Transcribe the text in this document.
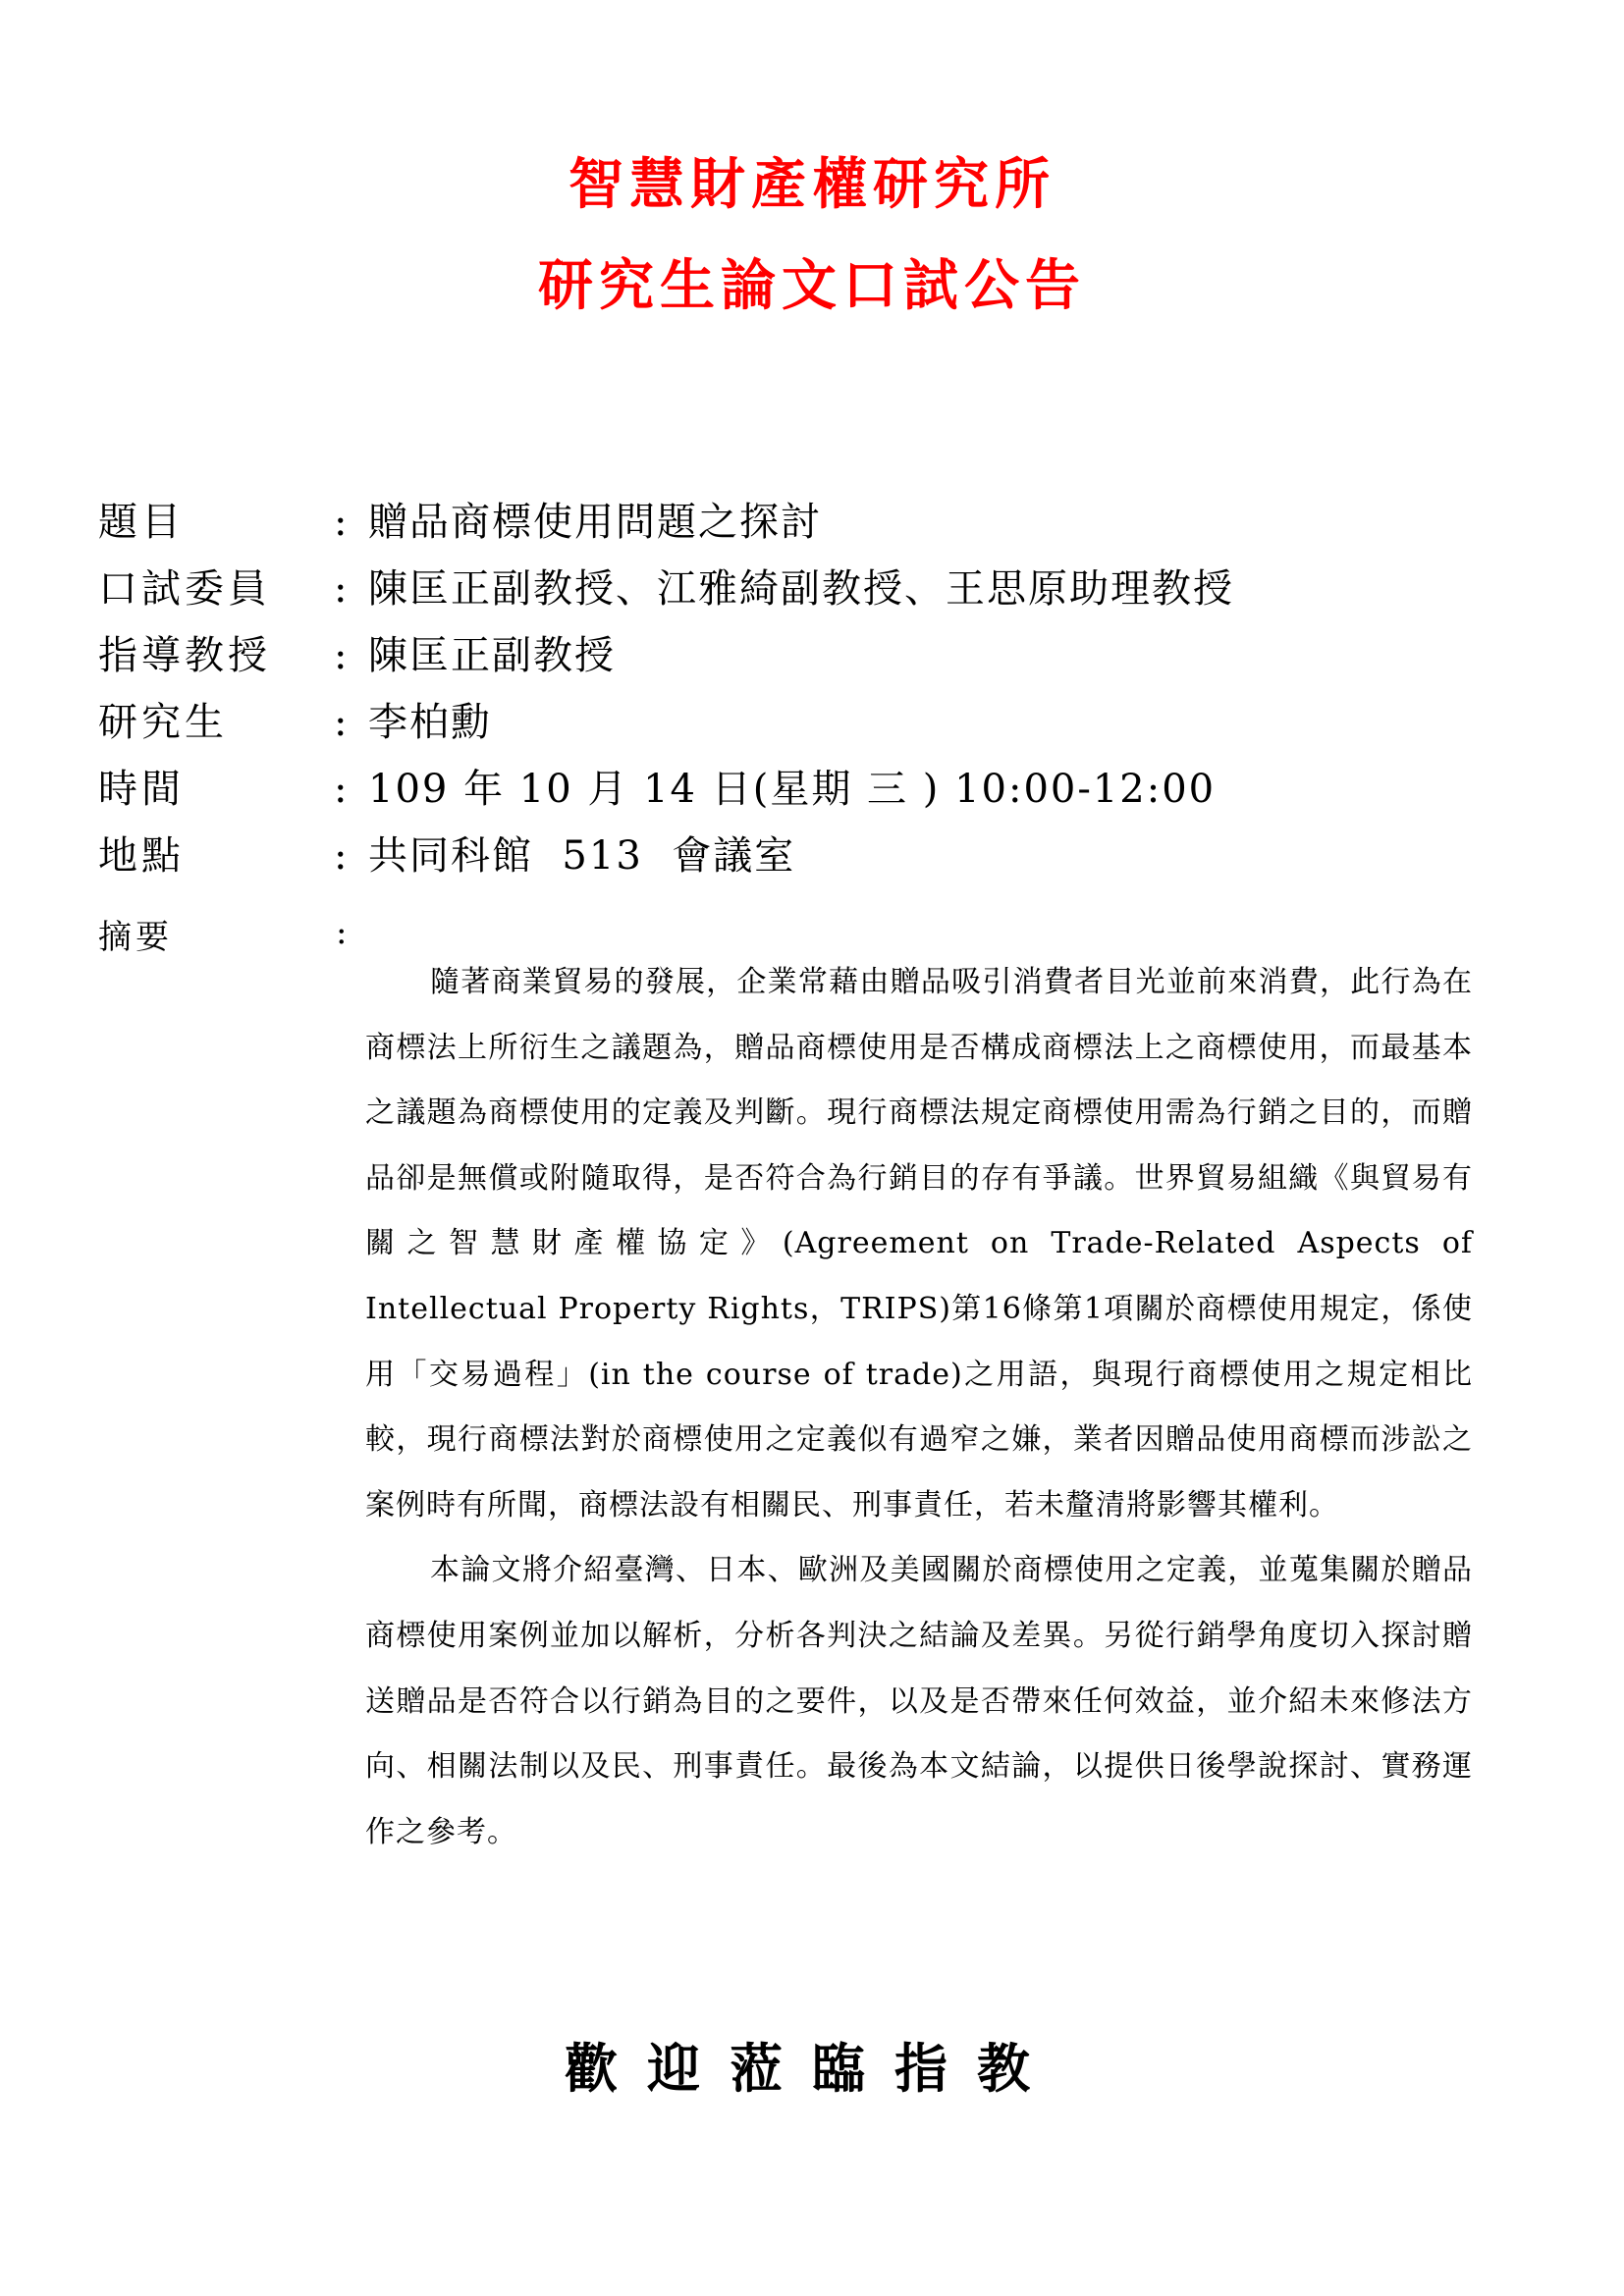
智慧財產權研究所
研究生論文口試公告
題目	: 贈品商標使用問題之探討
口試委員	: 陳匡正副教授、江雅綺副教授、王思原助理教授
指導教授	: 陳匡正副教授
研究生	: 李柏勳
時間	: 109 年 10 月 14 日(星期 三 ) 10:00-12:00
地點	: 共同科館  513  會議室
摘要	:

隨著商業貿易的發展，企業常藉由贈品吸引消費者目光並前來消費，此行為在商標法上所衍生之議題為，贈品商標使用是否構成商標法上之商標使用，而最基本之議題為商標使用的定義及判斷。現行商標法規定商標使用需為行銷之目的，而贈品卻是無償或附隨取得，是否符合為行銷目的存有爭議。世界貿易組織《與貿易有關之智慧財產權協定》(Agreement on Trade-Related Aspects of Intellectual Property Rights，TRIPS)第16條第1項關於商標使用規定，係使用「交易過程」(in the course of trade)之用語，與現行商標使用之規定相比較，現行商標法對於商標使用之定義似有過窄之嫌，業者因贈品使用商標而涉訟之案例時有所聞，商標法設有相關民、刑事責任，若未釐清將影響其權利。

本論文將介紹臺灣、日本、歐洲及美國關於商標使用之定義，並蒐集關於贈品商標使用案例並加以解析，分析各判決之結論及差異。另從行銷學角度切入探討贈送贈品是否符合以行銷為目的之要件，以及是否帶來任何效益，並介紹未來修法方向、相關法制以及民、刑事責任。最後為本文結論，以提供日後學說探討、實務運作之參考。

歡迎蒞臨指教
